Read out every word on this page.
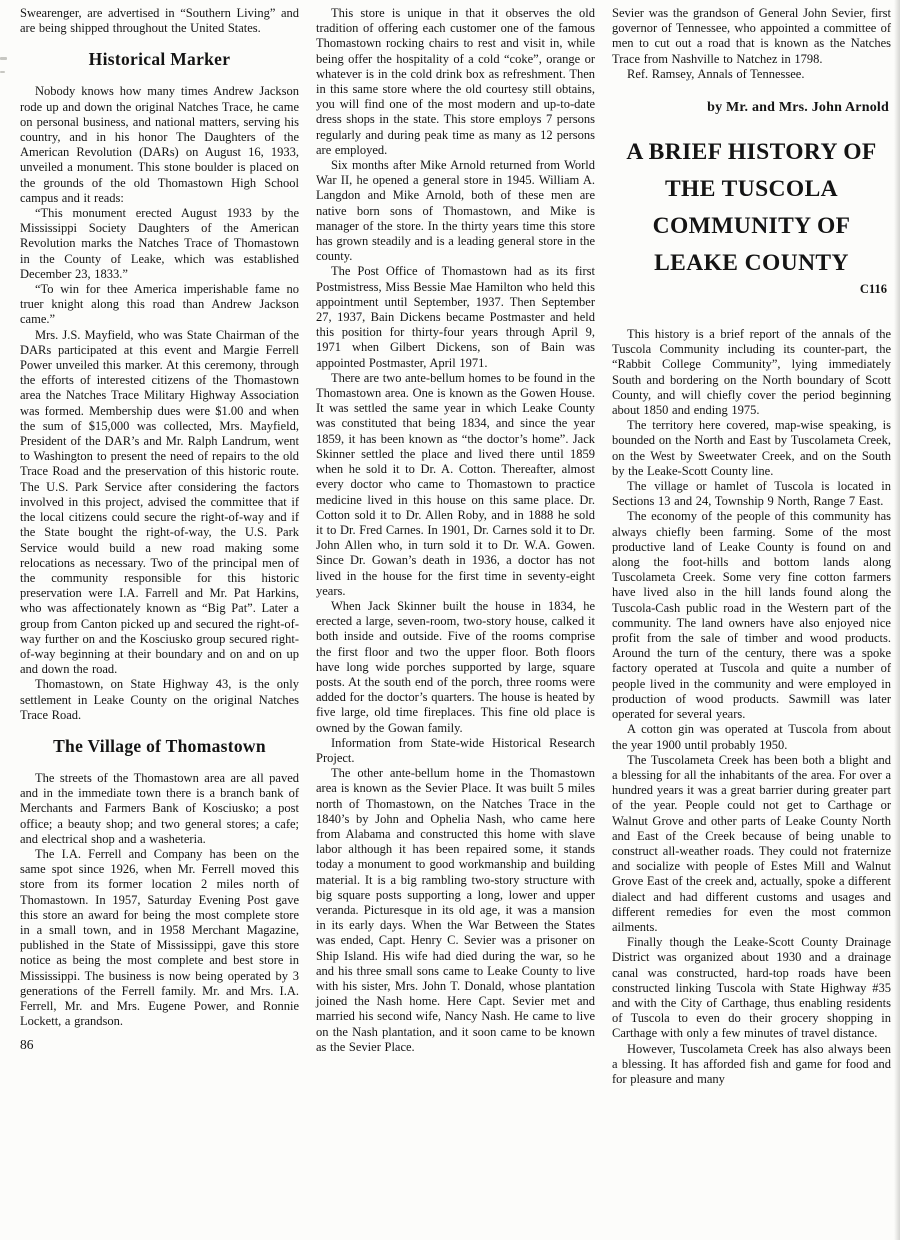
Swearenger, are advertised in “Southern Living” and are being shipped throughout the United States.

Historical Marker

Nobody knows how many times Andrew Jackson rode up and down the original Natches Trace, he came on personal business, and national matters, serving his country, and in his honor The Daughters of the American Revolution (DARs) on August 16, 1933, unveiled a monument. This stone boulder is placed on the grounds of the old Thomastown High School campus and it reads:

“This monument erected August 1933 by the Mississippi Society Daughters of the American Revolution marks the Natches Trace of Thomastown in the County of Leake, which was established December 23, 1833.”

“To win for thee America imperishable fame no truer knight along this road than Andrew Jackson came.”

Mrs. J.S. Mayfield, who was State Chairman of the DARs participated at this event and Margie Ferrell Power unveiled this marker. At this ceremony, through the efforts of interested citizens of the Thomastown area the Natches Trace Military Highway Association was formed. Membership dues were $1.00 and when the sum of $15,000 was collected, Mrs. Mayfield, President of the DAR’s and Mr. Ralph Landrum, went to Washington to present the need of repairs to the old Trace Road and the preservation of this historic route. The U.S. Park Service after considering the factors involved in this project, advised the committee that if the local citizens could secure the right-of-way and if the State bought the right-of-way, the U.S. Park Service would build a new road making some relocations as necessary. Two of the principal men of the community responsible for this historic preservation were I.A. Farrell and Mr. Pat Harkins, who was affectionately known as “Big Pat”. Later a group from Canton picked up and secured the right-of-way further on and the Kosciusko group secured right-of-way beginning at their boundary and on and on up and down the road.

Thomastown, on State Highway 43, is the only settlement in Leake County on the original Natches Trace Road.

The Village of Thomastown

The streets of the Thomastown area are all paved and in the immediate town there is a branch bank of Merchants and Farmers Bank of Kosciusko; a post office; a beauty shop; and two general stores; a cafe; and electrical shop and a washeteria.

The I.A. Ferrell and Company has been on the same spot since 1926, when Mr. Ferrell moved this store from its former location 2 miles north of Thomastown. In 1957, Saturday Evening Post gave this store an award for being the most complete store in a small town, and in 1958 Merchant Magazine, published in the State of Mississippi, gave this store notice as being the most complete and best store in Mississippi. The business is now being operated by 3 generations of the Ferrell family. Mr. and Mrs. I.A. Ferrell, Mr. and Mrs. Eugene Power, and Ronnie Lockett, a grandson.

86

This store is unique in that it observes the old tradition of offering each customer one of the famous Thomastown rocking chairs to rest and visit in, while being offer the hospitality of a cold “coke”, orange or whatever is in the cold drink box as refreshment. Then in this same store where the old courtesy still obtains, you will find one of the most modern and up-to-date dress shops in the state. This store employs 7 persons regularly and during peak time as many as 12 persons are employed.

Six months after Mike Arnold returned from World War II, he opened a general store in 1945. William A. Langdon and Mike Arnold, both of these men are native born sons of Thomastown, and Mike is manager of the store. In the thirty years time this store has grown steadily and is a leading general store in the county.

The Post Office of Thomastown had as its first Postmistress, Miss Bessie Mae Hamilton who held this appointment until September, 1937. Then September 27, 1937, Bain Dickens became Postmaster and held this position for thirty-four years through April 9, 1971 when Gilbert Dickens, son of Bain was appointed Postmaster, April 1971.

There are two ante-bellum homes to be found in the Thomastown area. One is known as the Gowen House. It was settled the same year in which Leake County was constituted that being 1834, and since the year 1859, it has been known as “the doctor’s home”. Jack Skinner settled the place and lived there until 1859 when he sold it to Dr. A. Cotton. Thereafter, almost every doctor who came to Thomastown to practice medicine lived in this house on this same place. Dr. Cotton sold it to Dr. Allen Roby, and in 1888 he sold it to Dr. Fred Carnes. In 1901, Dr. Carnes sold it to Dr. John Allen who, in turn sold it to Dr. W.A. Gowen. Since Dr. Gowan’s death in 1936, a doctor has not lived in the house for the first time in seventy-eight years.

When Jack Skinner built the house in 1834, he erected a large, seven-room, two-story house, calked it both inside and outside. Five of the rooms comprise the first floor and two the upper floor. Both floors have long wide porches supported by large, square posts. At the south end of the porch, three rooms were added for the doctor’s quarters. The house is heated by five large, old time fireplaces. This fine old place is owned by the Gowan family.

Information from State-wide Historical Research Project.

The other ante-bellum home in the Thomastown area is known as the Sevier Place. It was built 5 miles north of Thomastown, on the Natches Trace in the 1840’s by John and Ophelia Nash, who came here from Alabama and constructed this home with slave labor although it has been repaired some, it stands today a monument to good workmanship and building material. It is a big rambling two-story structure with big square posts supporting a long, lower and upper veranda. Picturesque in its old age, it was a mansion in its early days. When the War Between the States was ended, Capt. Henry C. Sevier was a prisoner on Ship Island. His wife had died during the war, so he and his three small sons came to Leake County to live with his sister, Mrs. John T. Donald, whose plantation joined the Nash home. Here Capt. Sevier met and married his second wife, Nancy Nash. He came to live on the Nash plantation, and it soon came to be known as the Sevier Place.

Sevier was the grandson of General John Sevier, first governor of Tennessee, who appointed a committee of men to cut out a road that is known as the Natches Trace from Nashville to Natchez in 1798.

Ref. Ramsey, Annals of Tennessee.

by Mr. and Mrs. John Arnold
A BRIEF HISTORY OF
THE TUSCOLA
COMMUNITY OF
LEAKE COUNTY
C116

This history is a brief report of the annals of the Tuscola Community including its counter-part, the “Rabbit College Community”, lying immediately South and bordering on the North boundary of Scott County, and will chiefly cover the period beginning about 1850 and ending 1975.

The territory here covered, map-wise speaking, is bounded on the North and East by Tuscolameta Creek, on the West by Sweetwater Creek, and on the South by the Leake-Scott County line.

The village or hamlet of Tuscola is located in Sections 13 and 24, Township 9 North, Range 7 East.

The economy of the people of this community has always chiefly been farming. Some of the most productive land of Leake County is found on and along the foot-hills and bottom lands along Tuscolameta Creek. Some very fine cotton farmers have lived also in the hill lands found along the Tuscola-Cash public road in the Western part of the community. The land owners have also enjoyed nice profit from the sale of timber and wood products. Around the turn of the century, there was a spoke factory operated at Tuscola and quite a number of people lived in the community and were employed in production of wood products. Sawmill was later operated for several years.

A cotton gin was operated at Tuscola from about the year 1900 until probably 1950.

The Tuscolameta Creek has been both a blight and a blessing for all the inhabitants of the area. For over a hundred years it was a great barrier during greater part of the year. People could not get to Carthage or Walnut Grove and other parts of Leake County North and East of the Creek because of being unable to construct all-weather roads. They could not fraternize and socialize with people of Estes Mill and Walnut Grove East of the creek and, actually, spoke a different dialect and had different customs and usages and different remedies for even the most common ailments.

Finally though the Leake-Scott County Drainage District was organized about 1930 and a drainage canal was constructed, hard-top roads have been constructed linking Tuscola with State Highway #35 and with the City of Carthage, thus enabling residents of Tuscola to even do their grocery shopping in Carthage with only a few minutes of travel distance.

However, Tuscolameta Creek has also always been a blessing. It has afforded fish and game for food and for pleasure and many
